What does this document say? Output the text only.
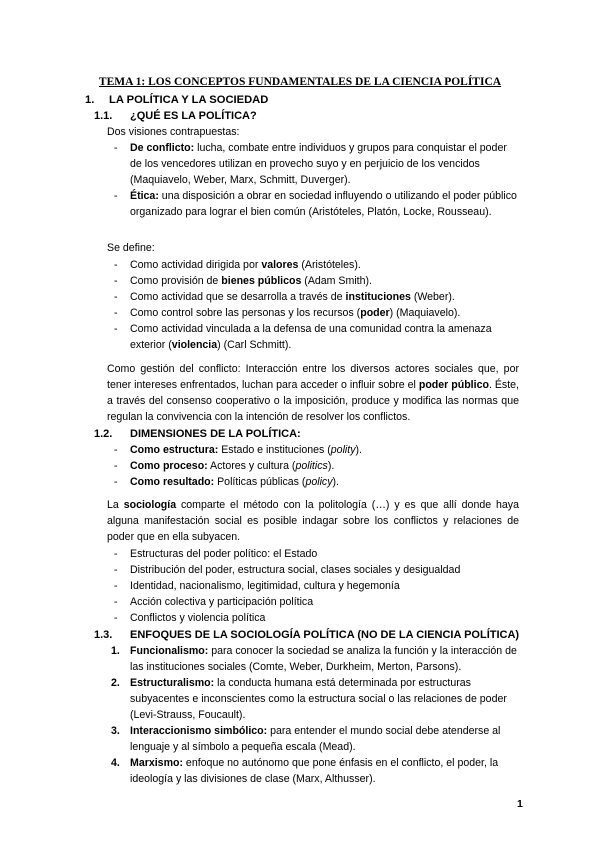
TEMA 1: LOS CONCEPTOS FUNDAMENTALES DE LA CIENCIA POLÍTICA
1. LA POLÍTICA Y LA SOCIEDAD
1.1. ¿QUÉ ES LA POLÍTICA?
Dos visiones contrapuestas:
- De conflicto: lucha, combate entre individuos y grupos para conquistar el poder de los vencedores utilizan en provecho suyo y en perjuicio de los vencidos (Maquiavelo, Weber, Marx, Schmitt, Duverger).
- Ética: una disposición a obrar en sociedad influyendo o utilizando el poder público organizado para lograr el bien común (Aristóteles, Platón, Locke, Rousseau).
Se define:
- Como actividad dirigida por valores (Aristóteles).
- Como provisión de bienes públicos (Adam Smith).
- Como actividad que se desarrolla a través de instituciones (Weber).
- Como control sobre las personas y los recursos (poder) (Maquiavelo).
- Como actividad vinculada a la defensa de una comunidad contra la amenaza exterior (violencia) (Carl Schmitt).
Como gestión del conflicto: Interacción entre los diversos actores sociales que, por tener intereses enfrentados, luchan para acceder o influir sobre el poder público. Éste, a través del consenso cooperativo o la imposición, produce y modifica las normas que regulan la convivencia con la intención de resolver los conflictos.
1.2. DIMENSIONES DE LA POLÍTICA:
- Como estructura: Estado e instituciones (polity).
- Como proceso: Actores y cultura (politics).
- Como resultado: Políticas públicas (policy).
La sociología comparte el método con la politología (…) y es que allí donde haya alguna manifestación social es posible indagar sobre los conflictos y relaciones de poder que en ella subyacen.
- Estructuras del poder político: el Estado
- Distribución del poder, estructura social, clases sociales y desigualdad
- Identidad, nacionalismo, legitimidad, cultura y hegemonía
- Acción colectiva y participación política
- Conflictos y violencia política
1.3. ENFOQUES DE LA SOCIOLOGÍA POLÍTICA (NO DE LA CIENCIA POLÍTICA)
1. Funcionalismo: para conocer la sociedad se analiza la función y la interacción de las instituciones sociales (Comte, Weber, Durkheim, Merton, Parsons).
2. Estructuralismo: la conducta humana está determinada por estructuras subyacentes e inconscientes como la estructura social o las relaciones de poder (Levi-Strauss, Foucault).
3. Interaccionismo simbólico: para entender el mundo social debe atenderse al lenguaje y al símbolo a pequeña escala (Mead).
4. Marxismo: enfoque no autónomo que pone énfasis en el conflicto, el poder, la ideología y las divisiones de clase (Marx, Althusser).
1
